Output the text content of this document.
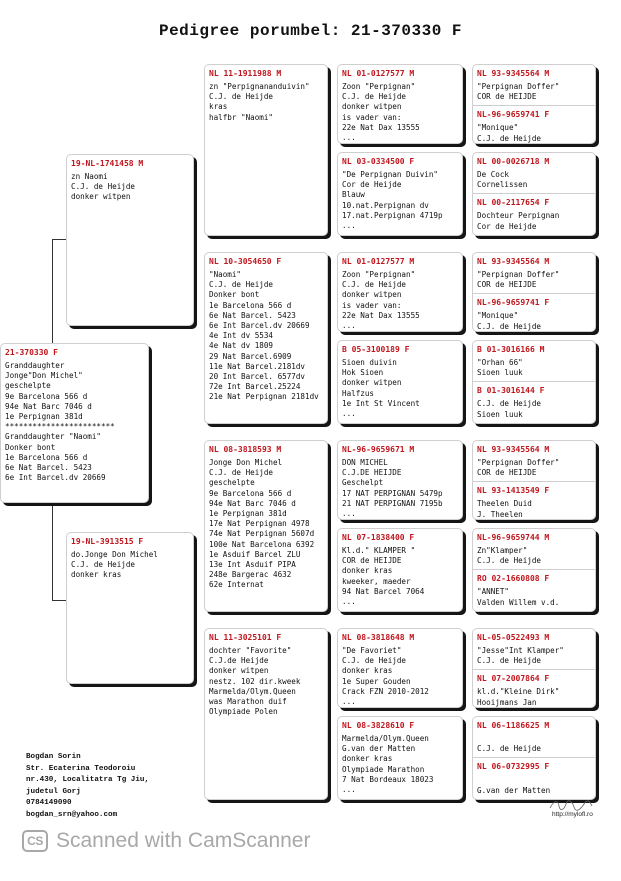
Pedigree porumbel: 21-370330 F
21-370330 F
Granddaughter
Jonge"Don Michel"
geschelpte
9e Barcelona 566 d
94e Nat Barc 7046 d
1e Perpignan 381d
************************
Granddaughter "Naomi"
Donker bont
1e Barcelona 566 d
6e Nat Barcel. 5423
6e Int Barcel.dv 20669
19-NL-1741458 M
zn Naomi
C.J. de Heijde
donker witpen
19-NL-3913515 F
do.Jonge Don Michel
C.J. de Heijde
donker kras
NL 11-1911988 M
zn "Perpignananduivin"
C.J. de Heijde
kras
halfbr "Naomi"
NL 10-3054650 F
"Naomi"
C.J. de Heijde
Donker bont
1e Barcelona 566 d
6e Nat Barcel. 5423
6e Int Barcel.dv 20669
4e Int dv 5534
4e Nat dv 1809
29 Nat Barcel.6909
11e Nat Barcel.2181dv
20 Int Barcel. 6577dv
72e Int Barcel.25224
21e Nat Perpignan 2181dv
NL 08-3818593 M
Jonge Don Michel
C.J. de Heijde
geschelpte
9e Barcelona 566 d
94e Nat Barc 7046 d
1e Perpignan 381d
17e Nat Perpignan 4978
74e Nat Perpignan 5607d
100e Nat Barcelona 6392
1e Asduif Barcel ZLU
13e Int Asduif PIPA
248e Bargerac 4632
62e Internat
NL 11-3025101 F
dochter "Favorite"
C.J.de Heijde
donker witpen
nestz. 102 dir.kweek
Marmelda/Olym.Queen
was Marathon duif
Olympiade Polen
NL 01-0127577 M
Zoon "Perpignan"
C.J. de Heijde
donker witpen
is vader van:
22e Nat Dax 13555
...
NL 03-0334500 F
"De Perpignan Duivin"
Cor de Heijde
Blauw
10.nat.Perpignan dv
17.nat.Perpignan 4719p
...
NL 01-0127577 M
Zoon "Perpignan"
C.J. de Heijde
donker witpen
is vader van:
22e Nat Dax 13555
...
B 05-3100189 F
Sioen duivin
Hok Sioen
donker witpen
Halfzus
1e Int St Vincent
...
NL-96-9659671 M
DON MICHEL
C.J.DE HEIJDE
Geschelpt
17 NAT PERPIGNAN 5479p
21 NAT PERPIGNAN 7195b
...
NL 07-1838400 F
Kl.d." KLAMPER "
COR de HEIJDE
donker kras
kweeker, maeder
94 Nat Barcel 7064
...
NL 08-3818648 M
"De Favoriet"
C.J. de Heijde
donker kras
1e Super Gouden
Crack FZN 2010-2012
...
NL 08-3828610 F
Marmelda/Olym.Queen
G.van der Matten
donker kras
Olympiade Marathon
7 Nat Bordeaux 18023
...
NL 93-9345564 M
"Perpignan Doffer"
COR de HEIJDE
NL-96-9659741 F
"Monique"
C.J. de Heijde
NL 00-0026718 M
De Cock
Cornelissen
NL 00-2117654 F
Dochteur Perpignan
Cor de Heijde
NL 93-9345564 M
"Perpignan Doffer"
COR de HEIJDE
NL-96-9659741 F
"Monique"
C.J. de Heijde
B 01-3016166 M
"Orhan 66"
Sioen luuk
B 01-3016144 F
C.J. de Heijde
Sioen luuk
NL 93-9345564 M
"Perpignan Doffer"
COR de HEIJDE
NL 93-1413549 F
Theelen Duid
J. Theelen
NL-96-9659744 M
Zn"Klamper"
C.J. de Heijde
RO 02-1660808 F
"ANNET"
Valden Willem v.d.
NL-05-0522493 M
"Jesse"Int Klamper"
C.J. de Heijde
NL 07-2007864 F
kl.d."Kleine Dirk"
Hooijmans Jan
NL 06-1186625 M

C.J. de Heijde
NL 06-0732995 F

G.van der Matten
Bogdan Sorin
Str. Ecaterina Teodoroiu
nr.430, Localitatra Tg Jiu,
judetul Gorj
0784149090
bogdan_srn@yahoo.com	http://mylofl.ro
CS Scanned with CamScanner
